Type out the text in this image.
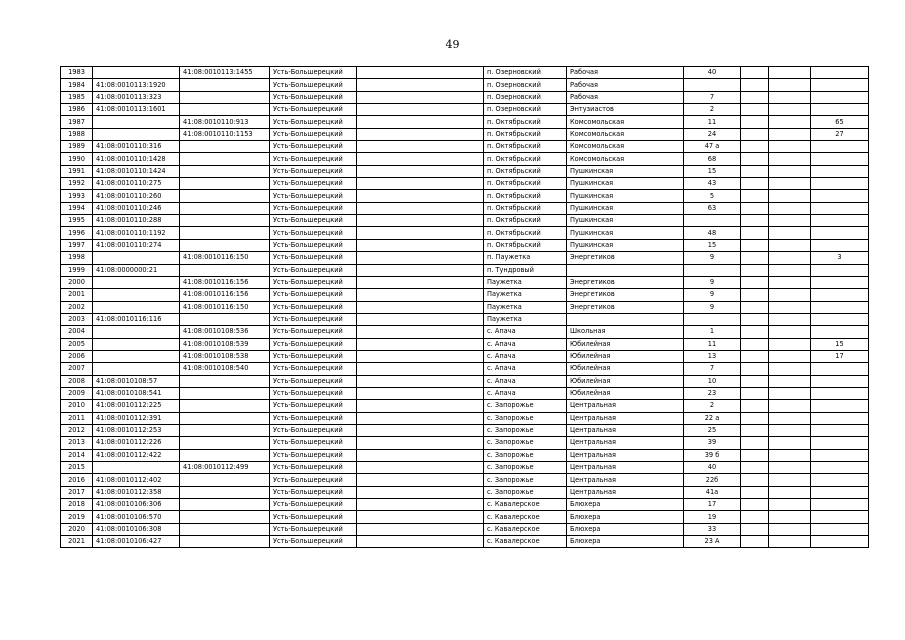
49
1983		41:08:0010113:1455	Усть-Большерецкий		п. Озерновский	Рабочая	40			
1984	41:08:0010113:1920		Усть-Большерецкий		п. Озерновский	Рабочая				
1985	41:08:0010113:323		Усть-Большерецкий		п. Озерновский	Рабочая	7			
1986	41:08:0010113:1601		Усть-Большерецкий		п. Озерновский	Энтузиастов	2			
1987		41:08:0010110:913	Усть-Большерецкий		п. Октябрьский	Комсомольская	11			65
1988		41:08:0010110:1153	Усть-Большерецкий		п. Октябрьский	Комсомольская	24			27
1989	41:08:0010110:316		Усть-Большерецкий		п. Октябрьский	Комсомольская	47 а			
1990	41:08:0010110:1428		Усть-Большерецкий		п. Октябрьский	Комсомольская	68			
1991	41:08:0010110:1424		Усть-Большерецкий		п. Октябрьский	Пушкинская	15			
1992	41:08:0010110:275		Усть-Большерецкий		п. Октябрьский	Пушкинская	43			
1993	41:08:0010110:260		Усть-Большерецкий		п. Октябрьский	Пушкинская	5			
1994	41:08:0010110:246		Усть-Большерецкий		п. Октябрьский	Пушкинская	63			
1995	41:08:0010110:288		Усть-Большерецкий		п. Октябрьский	Пушкинская				
1996	41:08:0010110:1192		Усть-Большерецкий		п. Октябрьский	Пушкинская	48			
1997	41:08:0010110:274		Усть-Большерецкий		п. Октябрьский	Пушкинская	15			
1998		41:08:0010116:150	Усть-Большерецкий		п. Паужетка	Энергетиков	9			3
1999	41:08:0000000:21		Усть-Большерецкий		п. Тундровый					
2000		41:08:0010116:156	Усть-Большерецкий		Паужетка	Энергетиков	9			
2001		41:08:0010116:156	Усть-Большерецкий		Паужетка	Энергетиков	9			
2002		41:08:0010116:150	Усть-Большерецкий		Паужетка	Энергетиков	9			
2003	41:08:0010116:116		Усть-Большерецкий		Паужетка					
2004		41:08:0010108:536	Усть-Большерецкий		с. Апача	Школьная	1			
2005		41:08:0010108:539	Усть-Большерецкий		с. Апача	Юбилейная	11			15
2006		41:08:0010108:538	Усть-Большерецкий		с. Апача	Юбилейная	13			17
2007		41:08:0010108:540	Усть-Большерецкий		с. Апача	Юбилейная	7			
2008	41:08:0010108:57		Усть-Большерецкий		с. Апача	Юбилейная	10			
2009	41:08:0010108:541		Усть-Большерецкий		с. Апача	Юбилейная	23			
2010	41:08:0010112:225		Усть-Большерецкий		с. Запорожье	Центральная	2			
2011	41:08:0010112:391		Усть-Большерецкий		с. Запорожье	Центральная	22 а			
2012	41:08:0010112:253		Усть-Большерецкий		с. Запорожье	Центральная	25			
2013	41:08:0010112:226		Усть-Большерецкий		с. Запорожье	Центральная	39			
2014	41:08:0010112:422		Усть-Большерецкий		с. Запорожье	Центральная	39 б			
2015		41:08:0010112:499	Усть-Большерецкий		с. Запорожье	Центральная	40			
2016	41:08:0010112:402		Усть-Большерецкий		с. Запорожье	Центральная	22б			
2017	41:08:0010112:358		Усть-Большерецкий		с. Запорожье	Центральная	41а			
2018	41:08:0010106:306		Усть-Большерецкий		с. Кавалерское	Блюхера	17			
2019	41:08:0010106:570		Усть-Большерецкий		с. Кавалерское	Блюхера	19			
2020	41:08:0010106:308		Усть-Большерецкий		с. Кавалерское	Блюхера	33			
2021	41:08:0010106:427		Усть-Большерецкий		с. Кавалерское	Блюхера	23 А			
